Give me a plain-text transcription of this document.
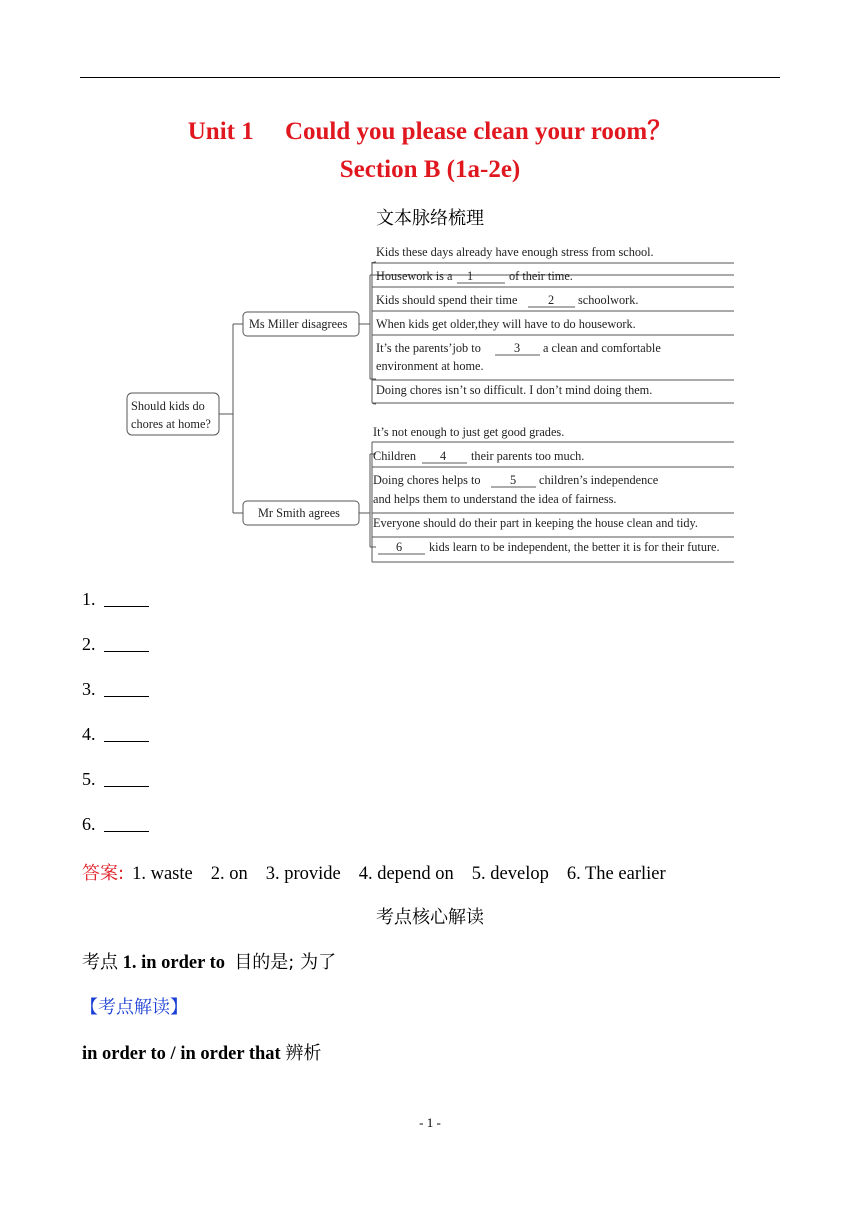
Unit 1　 Could you please clean your room？
Section B (1a-2e)
文本脉络梳理
Should kids do
chores at home?
Ms Miller disagrees
Mr Smith agrees
Kids these days already have enough stress from school.
Housework is a 1	of their time.
Kids should spend their time 2 schoolwork.
When kids get older,they will have to do housework.
It’s the parents’job to	3 a clean and comfortable
environment at home.
Doing chores isn’t so difficult. I don’t mind doing them.
It’s not enough to just get good grades.
Children 4 their parents too much.
Doing chores helps to 5 children’s independence
and helps them to understand the idea of fairness.
Everyone should do their part in keeping the house clean and tidy.
6 kids learn to be independent, the better it is for their future.
1.
2.
3.
4.
5.
6.
答案: 1. waste 2. on 3. provide 4. depend on 5. develop 6. The earlier
考点核心解读
考点 1. in order to 目的是; 为了
【考点解读】
in order to / in order that 辨析
- 1 -
